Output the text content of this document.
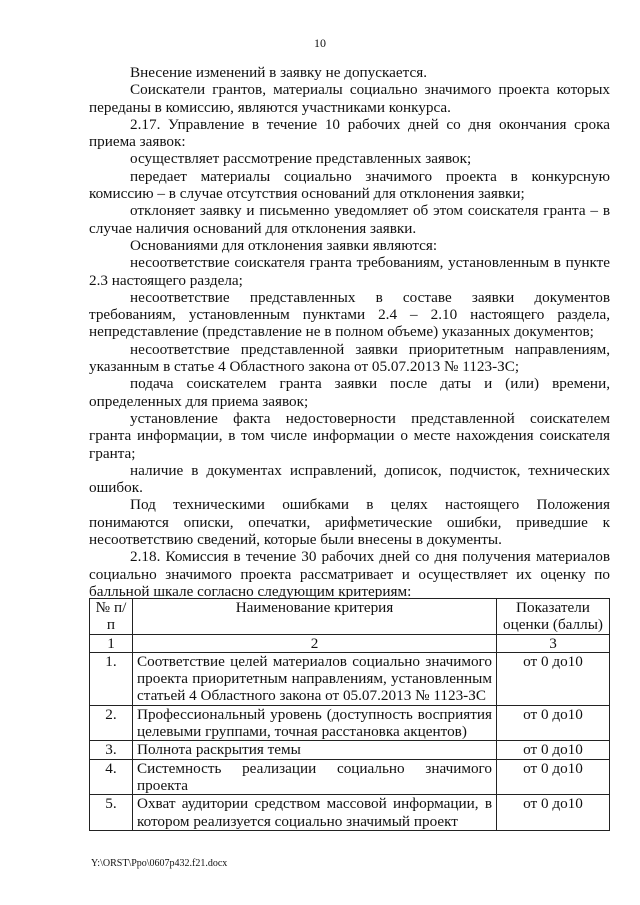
10

Внесение изменений в заявку не допускается.

Соискатели грантов, материалы социально значимого проекта которых переданы в комиссию, являются участниками конкурса.

2.17. Управление в течение 10 рабочих дней со дня окончания срока приема заявок:

осуществляет рассмотрение представленных заявок;

передает материалы социально значимого проекта в конкурсную комиссию – в случае отсутствия оснований для отклонения заявки;

отклоняет заявку и письменно уведомляет об этом соискателя гранта – в случае наличия оснований для отклонения заявки.

Основаниями для отклонения заявки являются:

несоответствие соискателя гранта требованиям, установленным в пункте 2.3 настоящего раздела;

несоответствие представленных в составе заявки документов требованиям, установленным пунктами 2.4 – 2.10 настоящего раздела, непредставление (представление не в полном объеме) указанных документов;

несоответствие представленной заявки приоритетным направлениям, указанным в статье 4 Областного закона от 05.07.2013 № 1123-ЗС;

подача соискателем гранта заявки после даты и (или) времени, определенных для приема заявок;

установление факта недостоверности представленной соискателем гранта информации, в том числе информации о месте нахождения соискателя гранта;

наличие в документах исправлений, дописок, подчисток, технических ошибок.

Под техническими ошибками в целях настоящего Положения понимаются описки, опечатки, арифметические ошибки, приведшие к несоответствию сведений, которые были внесены в документы.

2.18. Комиссия в течение 30 рабочих дней со дня получения материалов социально значимого проекта рассматривает и осуществляет их оценку по балльной шкале согласно следующим критериям:

№ п/п	Наименование критерия	Показатели оценки (баллы)
1	2	3
1.	Соответствие целей материалов социально значимого проекта приоритетным направлениям, установленным статьей 4 Областного закона от 05.07.2013 № 1123-ЗС	от 0 до10
2.	Профессиональный уровень (доступность восприятия целевыми группами, точная расстановка акцентов)	от 0 до10
3.	Полнота раскрытия темы	от 0 до10
4.	Системность реализации социально значимого проекта	от 0 до10
5.	Охват аудитории средством массовой информации, в котором реализуется социально значимый проект	от 0 до10
Y:\ORST\Ppo\0607p432.f21.docx
